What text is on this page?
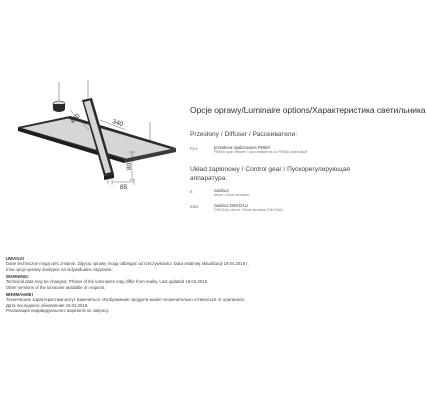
400	340
80
85
Opcje oprawy/Luminaire options/Характеристика светильника
Przesłony / Diffuser / Рассеиватели:
PLX	przesłona opalizowana PMMA
PMMA opal diffuser / рассеиватель из PMMA опаловый
Układ zapłonowy / Control gear / Пускорегулирующая аппаратура:
E	zasilacz
driver / блок питания
EDD	zasilacz DIM DALI
DIM DALI driver / блок питания DIM DALI
UWAGA!
Dane techniczne mogą ulec zmianie. Zdjęcia oprawy mogą odbiegać od rzeczywistości. Data ostatniej aktualizacji 19.04.2018 r.
Inne opcje oprawy dostępne na indywidualne zapytanie.
WARNING!
Technical data may be changed. Photos of the luminaires may differ from reality. Last updated 19.04.2018.
Other versions of the luminaire available on request.
ВНИМАНИЕ!
Технические характеристики могут изменяться. Изображение продукта может незначительно отличаться от оригинала.
Дата последнего обновления 19.04.2018.
Реализация индивидуального варианта по запросу.
